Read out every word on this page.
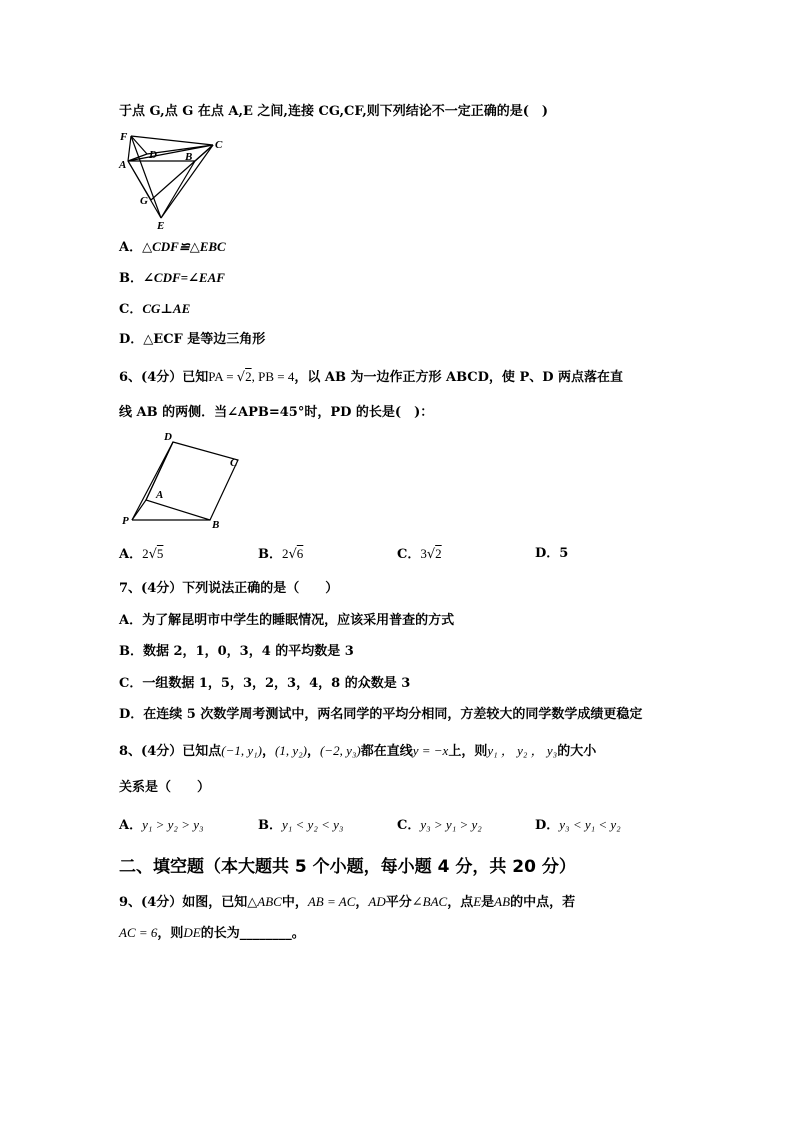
于点 G,点 G 在点 A,E 之间,连接 CG,CF,则下列结论不一定正确的是(　)
F
A
D	B
C
G
E
A．△CDF≌△EBC
B．∠CDF=∠EAF
C．CG⊥AE
D．△ECF 是等边三角形
6、(4分）已知PA = √2, PB = 4，以 AB 为一边作正方形 ABCD，使 P、D 两点落在直
线 AB 的两侧．当∠APB=45°时，PD 的长是(　)：
D
C
A
P	B
A．2√5	B．2√6	C．3√2	D．5
7、(4分）下列说法正确的是（　　）
A．为了解昆明市中学生的睡眠情况，应该采用普查的方式
B．数据 2，1，0，3，4 的平均数是 3
C．一组数据 1，5，3，2，3，4，8 的众数是 3
D．在连续 5 次数学周考测试中，两名同学的平均分相同，方差较大的同学数学成绩更稳定
8、(4分）已知点(−1, y₁)，(1, y₂)，(−2, y₃)都在直线y = −x上，则y₁ ， y₂ ， y₃的大小
关系是（　　）
A．y₁ > y₂ > y₃	B．y₁ < y₂ < y₃	C．y₃ > y₁ > y₂	D．y₃ < y₁ < y₂
二、填空题（本大题共 5 个小题，每小题 4 分，共 20 分）
9、(4分）如图，已知△ABC中，AB = AC，AD平分∠BAC，点E是AB的中点，若
AC = 6，则DE的长为________。
